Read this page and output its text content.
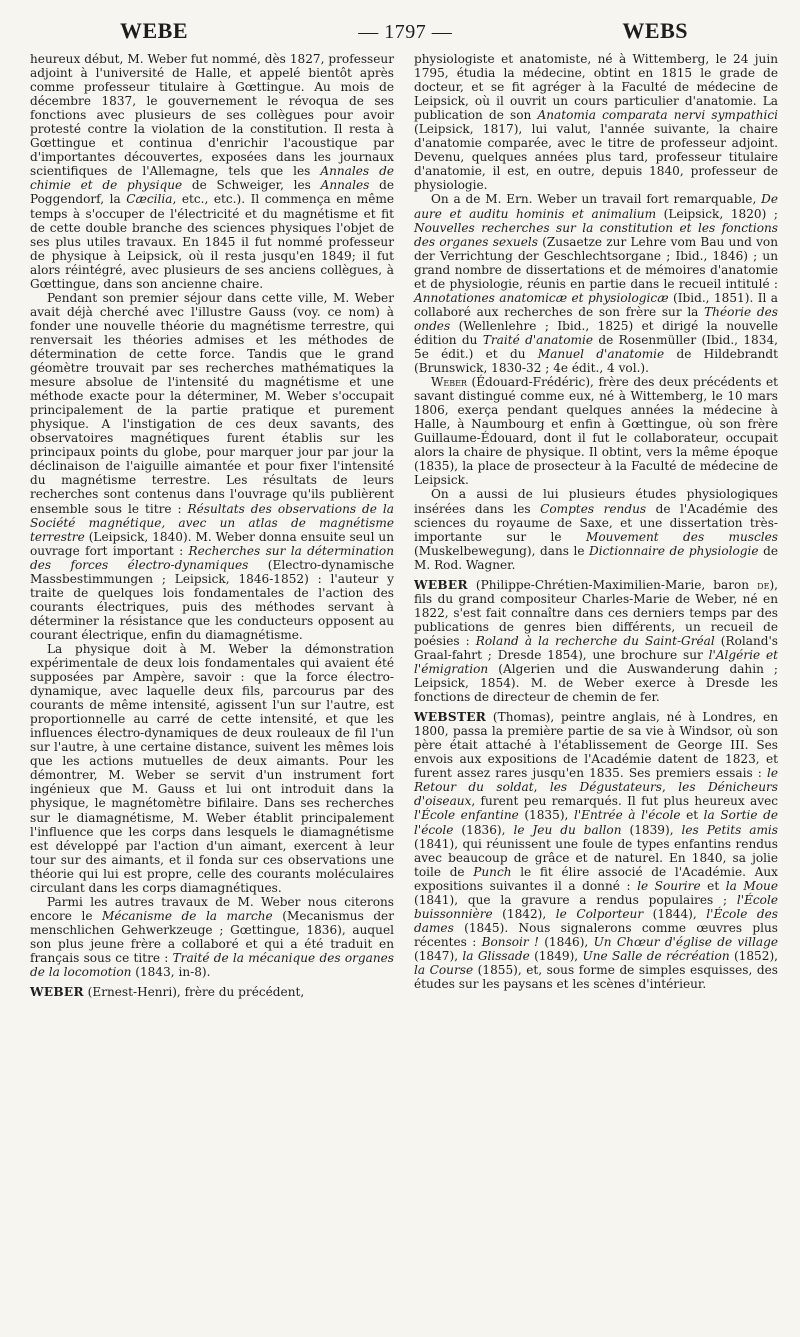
WEBE	— 1797 —	WEBS

heureux début, M. Weber fut nommé, dès 1827, professeur adjoint à l'université de Halle, et appelé bientôt après comme professeur titulaire à Gœttingue. Au mois de décembre 1837, le gouvernement le révoqua de ses fonctions avec plusieurs de ses collègues pour avoir protesté contre la violation de la constitution. Il resta à Gœttingue et continua d'enrichir l'acoustique par d'importantes découvertes, exposées dans les journaux scientifiques de l'Allemagne, tels que les Annales de chimie et de physique de Schweiger, les Annales de Poggendorf, la Cæcilia, etc., etc.). Il commença en même temps à s'occuper de l'électricité et du magnétisme et fit de cette double branche des sciences physiques l'objet de ses plus utiles travaux. En 1845 il fut nommé professeur de physique à Leipsick, où il resta jusqu'en 1849; il fut alors réintégré, avec plusieurs de ses anciens collègues, à Gœttingue, dans son ancienne chaire.

Pendant son premier séjour dans cette ville, M. Weber avait déjà cherché avec l'illustre Gauss (voy. ce nom) à fonder une nouvelle théorie du magnétisme terrestre, qui renversait les théories admises et les méthodes de détermination de cette force. Tandis que le grand géomètre trouvait par ses recherches mathématiques la mesure absolue de l'intensité du magnétisme et une méthode exacte pour la déterminer, M. Weber s'occupait principalement de la partie pratique et purement physique. A l'instigation de ces deux savants, des observatoires magnétiques furent établis sur les principaux points du globe, pour marquer jour par jour la déclinaison de l'aiguille aimantée et pour fixer l'intensité du magnétisme terrestre. Les résultats de leurs recherches sont contenus dans l'ouvrage qu'ils publièrent ensemble sous le titre : Résultats des observations de la Société magnétique, avec un atlas de magnétisme terrestre (Leipsick, 1840). M. Weber donna ensuite seul un ouvrage fort important : Recherches sur la détermination des forces électro-dynamiques (Electro-dynamische Massbestimmungen ; Leipsick, 1846-1852) : l'auteur y traite de quelques lois fondamentales de l'action des courants électriques, puis des méthodes servant à déterminer la résistance que les conducteurs opposent au courant électrique, enfin du diamagnétisme.

La physique doit à M. Weber la démonstration expérimentale de deux lois fondamentales qui avaient été supposées par Ampère, savoir : que la force électro-dynamique, avec laquelle deux fils, parcourus par des courants de même intensité, agissent l'un sur l'autre, est proportionnelle au carré de cette intensité, et que les influences électro-dynamiques de deux rouleaux de fil l'un sur l'autre, à une certaine distance, suivent les mêmes lois que les actions mutuelles de deux aimants. Pour les démontrer, M. Weber se servit d'un instrument fort ingénieux que M. Gauss et lui ont introduit dans la physique, le magnétomètre bifilaire. Dans ses recherches sur le diamagnétisme, M. Weber établit principalement l'influence que les corps dans lesquels le diamagnétisme est développé par l'action d'un aimant, exercent à leur tour sur des aimants, et il fonda sur ces observations une théorie qui lui est propre, celle des courants moléculaires circulant dans les corps diamagnétiques.

Parmi les autres travaux de M. Weber nous citerons encore le Mécanisme de la marche (Mecanismus der menschlichen Gehwerkzeuge ; Gœttingue, 1836), auquel son plus jeune frère a collaboré et qui a été traduit en français sous ce titre : Traité de la mécanique des organes de la locomotion (1843, in-8).

WEBER (Ernest-Henri), frère du précédent,

physiologiste et anatomiste, né à Wittemberg, le 24 juin 1795, étudia la médecine, obtint en 1815 le grade de docteur, et se fit agréger à la Faculté de médecine de Leipsick, où il ouvrit un cours particulier d'anatomie. La publication de son Anatomia comparata nervi sympathici (Leipsick, 1817), lui valut, l'année suivante, la chaire d'anatomie comparée, avec le titre de professeur adjoint. Devenu, quelques années plus tard, professeur titulaire d'anatomie, il est, en outre, depuis 1840, professeur de physiologie.

On a de M. Ern. Weber un travail fort remarquable, De aure et auditu hominis et animalium (Leipsick, 1820) ; Nouvelles recherches sur la constitution et les fonctions des organes sexuels (Zusaetze zur Lehre vom Bau und von der Verrichtung der Geschlechtsorgane ; Ibid., 1846) ; un grand nombre de dissertations et de mémoires d'anatomie et de physiologie, réunis en partie dans le recueil intitulé : Annotationes anatomicæ et physiologicæ (Ibid., 1851). Il a collaboré aux recherches de son frère sur la Théorie des ondes (Wellenlehre ; Ibid., 1825) et dirigé la nouvelle édition du Traité d'anatomie de Rosenmüller (Ibid., 1834, 5e édit.) et du Manuel d'anatomie de Hildebrandt (Brunswick, 1830-32 ; 4e édit., 4 vol.).

Weber (Édouard-Frédéric), frère des deux précédents et savant distingué comme eux, né à Wittemberg, le 10 mars 1806, exerça pendant quelques années la médecine à Halle, à Naumbourg et enfin à Gœttingue, où son frère Guillaume-Édouard, dont il fut le collaborateur, occupait alors la chaire de physique. Il obtint, vers la même époque (1835), la place de prosecteur à la Faculté de médecine de Leipsick.

On a aussi de lui plusieurs études physiologiques insérées dans les Comptes rendus de l'Académie des sciences du royaume de Saxe, et une dissertation très-importante sur le Mouvement des muscles (Muskelbewegung), dans le Dictionnaire de physiologie de M. Rod. Wagner.

WEBER (Philippe-Chrétien-Maximilien-Marie, baron de), fils du grand compositeur Charles-Marie de Weber, né en 1822, s'est fait connaître dans ces derniers temps par des publications de genres bien différents, un recueil de poésies : Roland à la recherche du Saint-Gréal (Roland's Graal-fahrt ; Dresde 1854), une brochure sur l'Algérie et l'émigration (Algerien und die Auswanderung dahin ; Leipsick, 1854). M. de Weber exerce à Dresde les fonctions de directeur de chemin de fer.

WEBSTER (Thomas), peintre anglais, né à Londres, en 1800, passa la première partie de sa vie à Windsor, où son père était attaché à l'établissement de George III. Ses envois aux expositions de l'Académie datent de 1823, et furent assez rares jusqu'en 1835. Ses premiers essais : le Retour du soldat, les Dégustateurs, les Dénicheurs d'oiseaux, furent peu remarqués. Il fut plus heureux avec l'École enfantine (1835), l'Entrée à l'école et la Sortie de l'école (1836), le Jeu du ballon (1839), les Petits amis (1841), qui réunissent une foule de types enfantins rendus avec beaucoup de grâce et de naturel. En 1840, sa jolie toile de Punch le fit élire associé de l'Académie. Aux expositions suivantes il a donné : le Sourire et la Moue (1841), que la gravure a rendus populaires ; l'École buissonnière (1842), le Colporteur (1844), l'École des dames (1845). Nous signalerons comme œuvres plus récentes : Bonsoir ! (1846), Un Chœur d'église de village (1847), la Glissade (1849), Une Salle de récréation (1852), la Course (1855), et, sous forme de simples esquisses, des études sur les paysans et les scènes d'intérieur.
